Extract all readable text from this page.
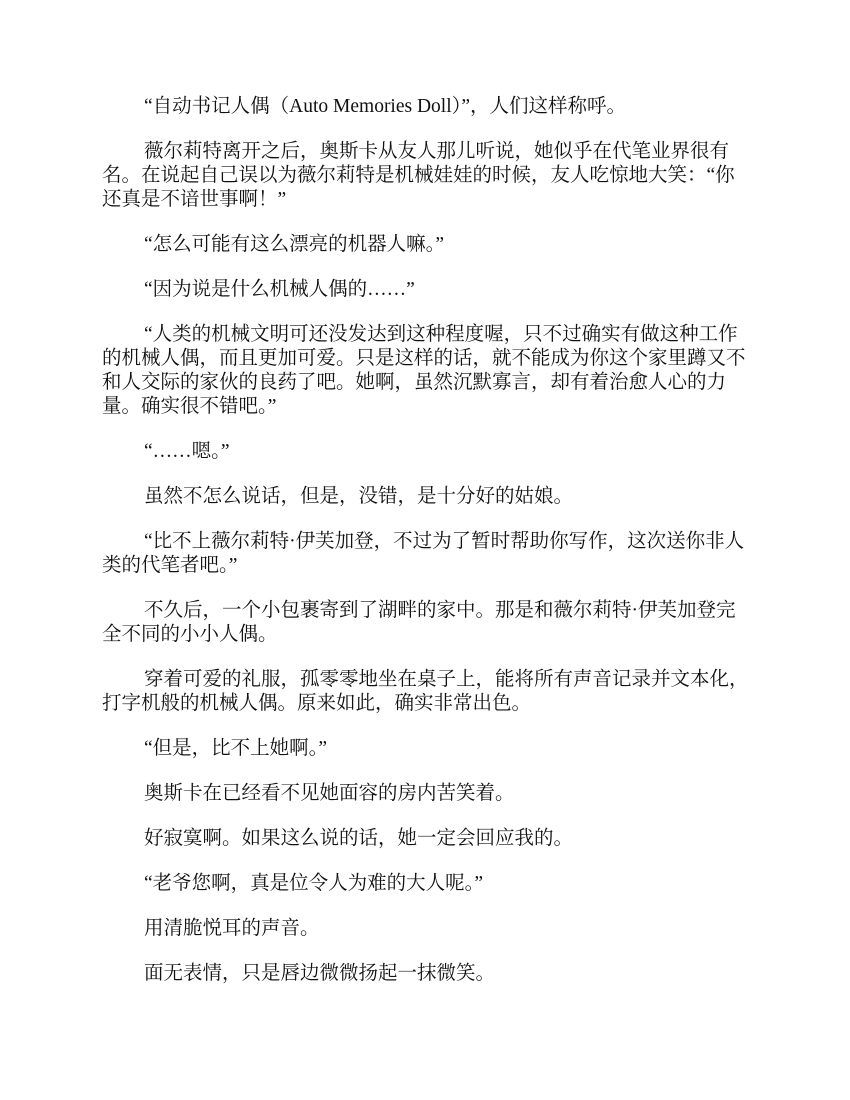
“自动书记人偶（Auto Memories Doll）”，人们这样称呼。

薇尔莉特离开之后，奥斯卡从友人那儿听说，她似乎在代笔业界很有名。在说起自己误以为薇尔莉特是机械娃娃的时候，友人吃惊地大笑：“你还真是不谙世事啊！”

“怎么可能有这么漂亮的机器人嘛。”

“因为说是什么机械人偶的……”

“人类的机械文明可还没发达到这种程度喔，只不过确实有做这种工作的机械人偶，而且更加可爱。只是这样的话，就不能成为你这个家里蹲又不和人交际的家伙的良药了吧。她啊，虽然沉默寡言，却有着治愈人心的力量。确实很不错吧。”

“……嗯。”

虽然不怎么说话，但是，没错，是十分好的姑娘。

“比不上薇尔莉特·伊芙加登，不过为了暂时帮助你写作，这次送你非人类的代笔者吧。”

不久后，一个小包裹寄到了湖畔的家中。那是和薇尔莉特·伊芙加登完全不同的小小人偶。

穿着可爱的礼服，孤零零地坐在桌子上，能将所有声音记录并文本化，打字机般的机械人偶。原来如此，确实非常出色。

“但是，比不上她啊。”

奥斯卡在已经看不见她面容的房内苦笑着。

好寂寞啊。如果这么说的话，她一定会回应我的。

“老爷您啊，真是位令人为难的大人呢。”

用清脆悦耳的声音。

面无表情，只是唇边微微扬起一抹微笑。
